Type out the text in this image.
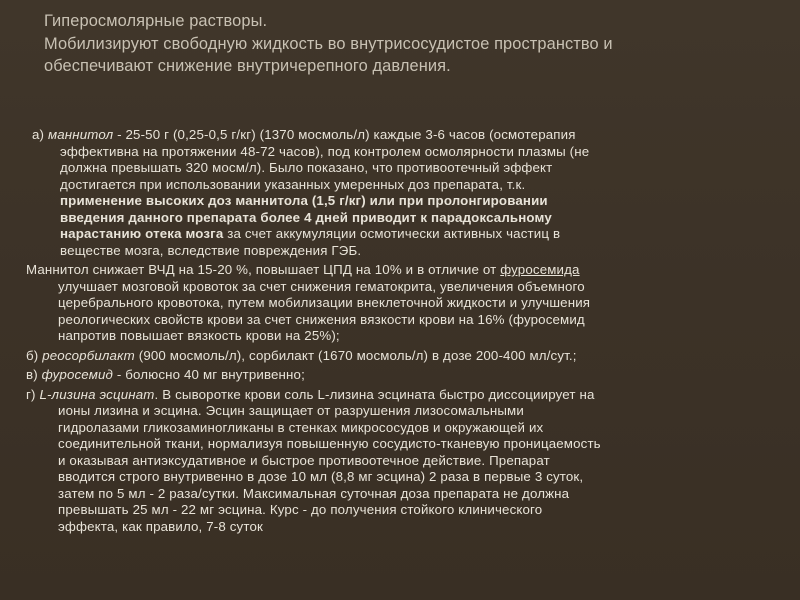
Гиперосмолярные растворы.
Мобилизируют свободную жидкость во внутрисосудистое пространство и
обеспечивают снижение внутричерепного давления.
а) маннитол - 25-50 г (0,25-0,5 г/кг) (1370 мосмоль/л) каждые 3-6 часов (осмотерапия
эффективна на протяжении 48-72 часов), под контролем осмолярности плазмы (не
должна превышать 320 мосм/л). Было показано, что противоотечный эффект
достигается при использовании указанных умеренных доз препарата, т.к.
применение высоких доз маннитола (1,5 г/кг) или при пролонгировании
введения данного препарата более 4 дней приводит к парадоксальному
нарастанию отека мозга за счет аккумуляции осмотически активных частиц в
веществе мозга, вследствие повреждения ГЭБ.
Маннитол снижает ВЧД на 15-20 %, повышает ЦПД на 10% и в отличие от фуросемида
улучшает мозговой кровоток за счет снижения гематокрита, увеличения объемного
церебрального кровотока, путем мобилизации внеклеточной жидкости и улучшения
реологических свойств крови за счет снижения вязкости крови на 16% (фуросемид
напротив повышает вязкость крови на 25%);
б) реосорбилакт (900 мосмоль/л), сорбилакт (1670 мосмоль/л) в дозе 200-400 мл/сут.;
в) фуросемид - болюсно 40 мг внутривенно;
г) L-лизина эсцинат. В сыворотке крови соль L-лизина эсцината быстро диссоциирует на
ионы лизина и эсцина. Эсцин защищает от разрушения лизосомальными
гидролазами гликозаминогликаны в стенках микрососудов и окружающей их
соединительной ткани, нормализуя повышенную сосудисто-тканевую проницаемость
и оказывая антиэксудативное и быстрое противоотечное действие. Препарат
вводится строго внутривенно в дозе 10 мл (8,8 мг эсцина) 2 раза в первые 3 суток,
затем по 5 мл - 2 раза/сутки. Максимальная суточная доза препарата не должна
превышать 25 мл - 22 мг эсцина. Курс - до получения стойкого клинического
эффекта, как правило, 7-8 суток
